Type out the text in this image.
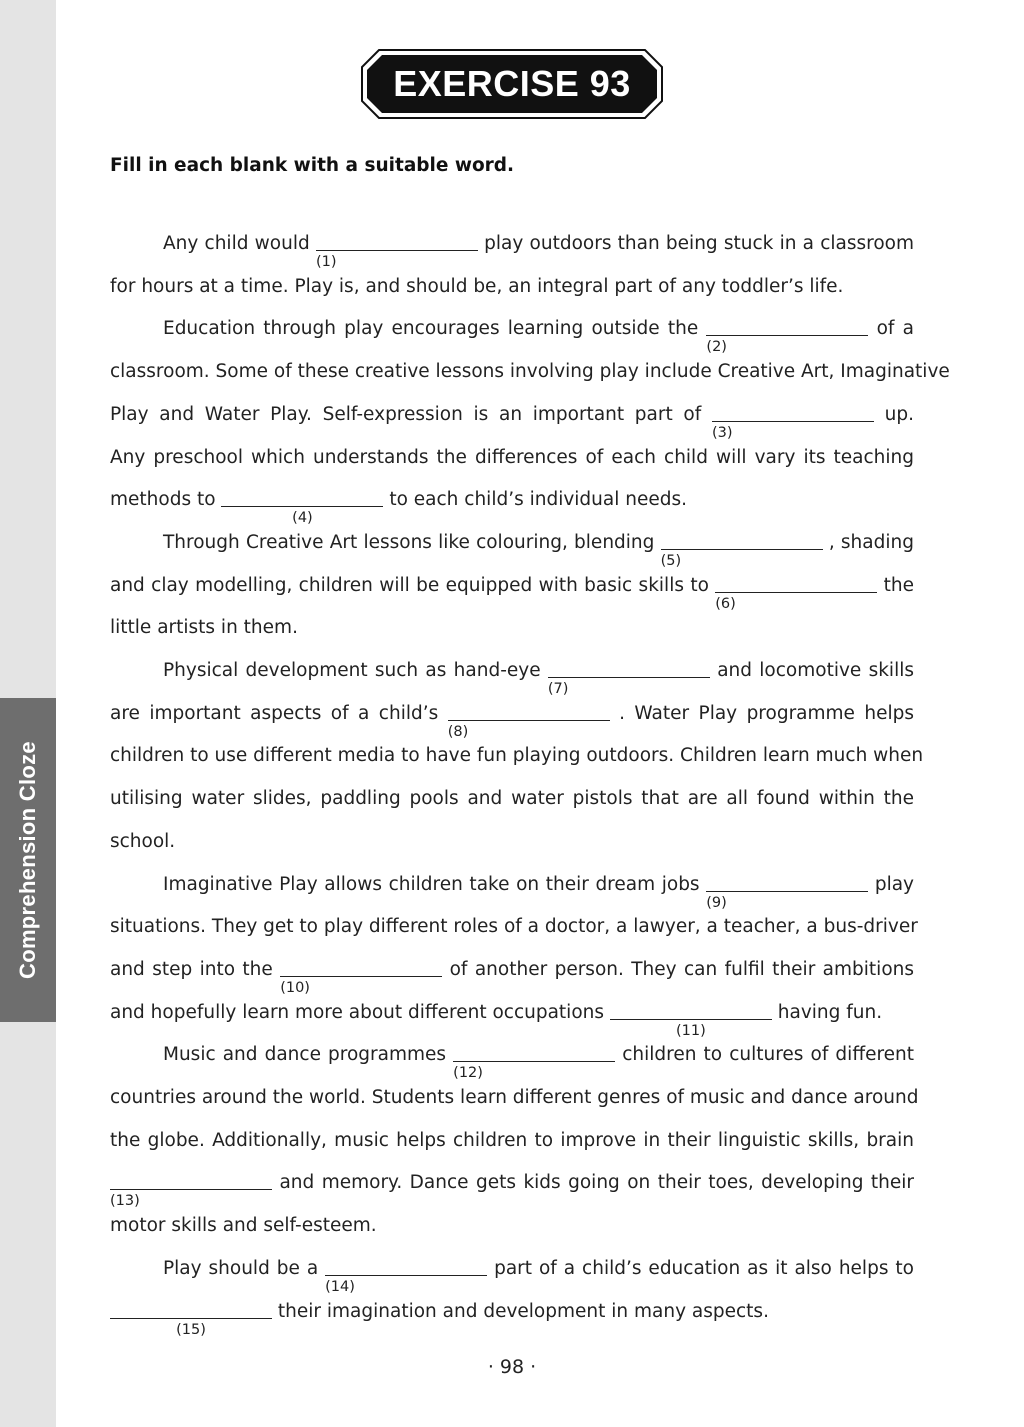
Comprehension Cloze
EXERCISE 93
Fill in each blank with a suitable word.
Any child would
(1)
play outdoors than being stuck in a classroom
for hours at a time. Play is, and should be, an integral part of any toddler’s life.
Education through play encourages learning outside the
(2)
of a
classroom. Some of these creative lessons involving play include Creative Art, Imaginative
Play and Water Play. Self-expression is an important part of
(3)
up.
Any preschool which understands the differences of each child will vary its teaching
methods to
(4)
to each child’s individual needs.
Through Creative Art lessons like colouring, blending
(5)
, shading
and clay modelling, children will be equipped with basic skills to
(6)
the
little artists in them.
Physical development such as hand-eye
(7)
and locomotive skills
are important aspects of a child’s
(8)
. Water Play programme helps
children to use different media to have fun playing outdoors. Children learn much when
utilising water slides, paddling pools and water pistols that are all found within the
school.
Imaginative Play allows children take on their dream jobs
(9)
play
situations. They get to play different roles of a doctor, a lawyer, a teacher, a bus-driver
and step into the
(10)
of another person. They can fulfil their ambitions
and hopefully learn more about different occupations
(11)
having fun.
Music and dance programmes
(12)
children to cultures of different
countries around the world. Students learn different genres of music and dance around
the globe. Additionally, music helps children to improve in their linguistic skills, brain
(13)
and memory. Dance gets kids going on their toes, developing their
motor skills and self-esteem.
Play should be a
(14)
part of a child’s education as it also helps to
(15)
their imagination and development in many aspects.
· 98 ·
